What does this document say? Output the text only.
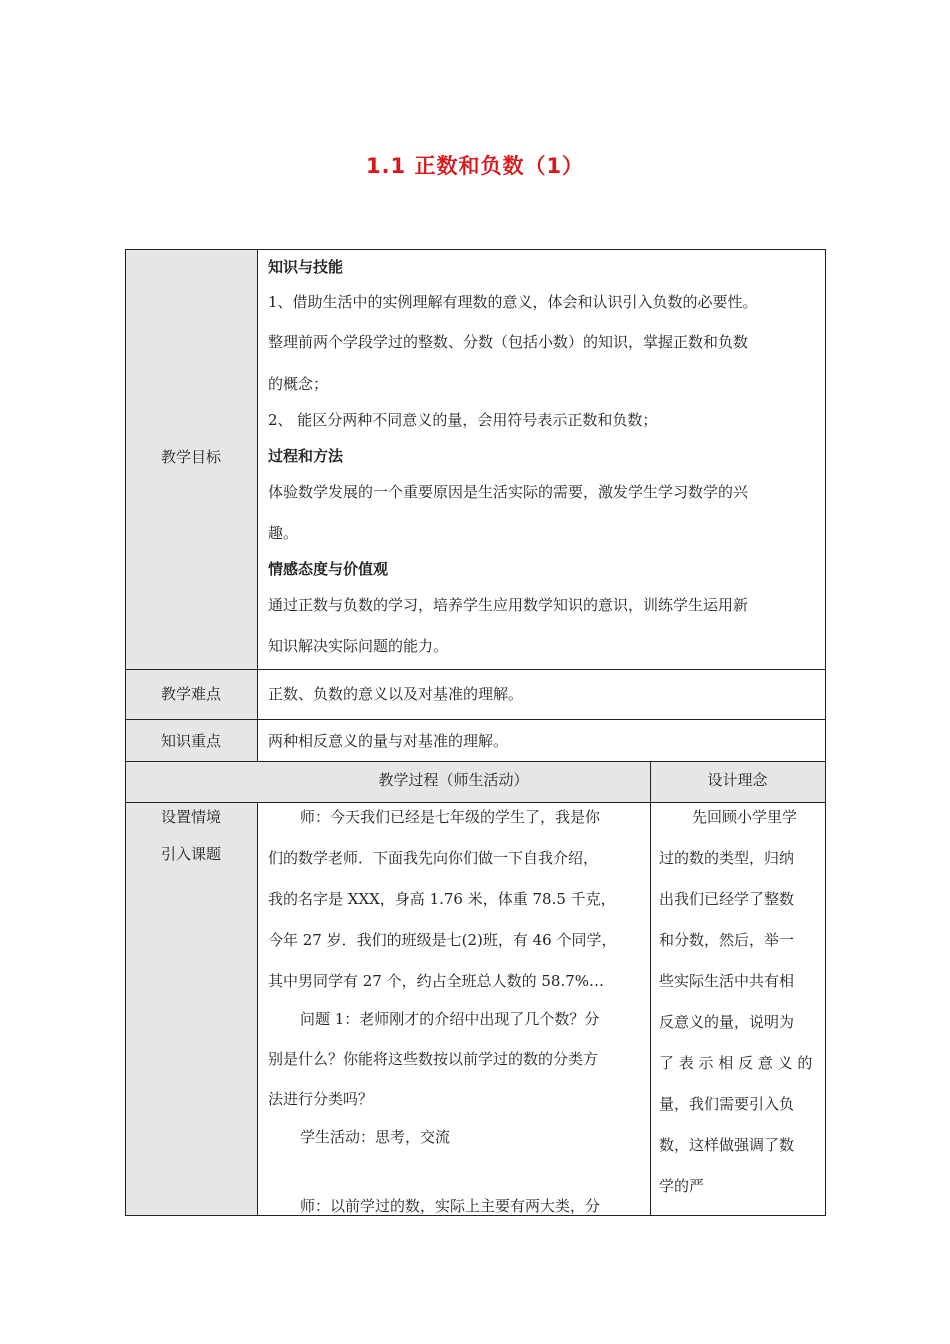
1.1 正数和负数（1）
教学目标
教学难点
知识重点
教学过程（师生活动）	设计理念
设置情境
引入课题
知识与技能
1、借助生活中的实例理解有理数的意义，体会和认识引入负数的必要性。
整理前两个学段学过的整数、分数（包括小数）的知识，掌握正数和负数
的概念；
2、 能区分两种不同意义的量，会用符号表示正数和负数；
过程和方法
体验数学发展的一个重要原因是生活实际的需要，激发学生学习数学的兴
趣。
情感态度与价值观
通过正数与负数的学习，培养学生应用数学知识的意识，训练学生运用新
知识解决实际问题的能力。
正数、负数的意义以及对基准的理解。
两种相反意义的量与对基准的理解。
师：今天我们已经是七年级的学生了，我是你
们的数学老师．下面我先向你们做一下自我介绍，
我的名字是 XXX，身高 1.76 米，体重 78.5 千克，
今年 27 岁．我们的班级是七(2)班，有 46 个同学，
其中男同学有 27 个，约占全班总人数的 58.7%…
问题 1：老师刚才的介绍中出现了几个数？分
别是什么？你能将这些数按以前学过的数的分类方
法进行分类吗？
学生活动：思考，交流
师：以前学过的数，实际上主要有两大类，分
先回顾小学里学
过的数的类型，归纳
出我们已经学了整数
和分数，然后，举一
些实际生活中共有相
反意义的量，说明为
了 表 示 相 反 意 义 的
量，我们需要引入负
数，这样做强调了数
学的严
